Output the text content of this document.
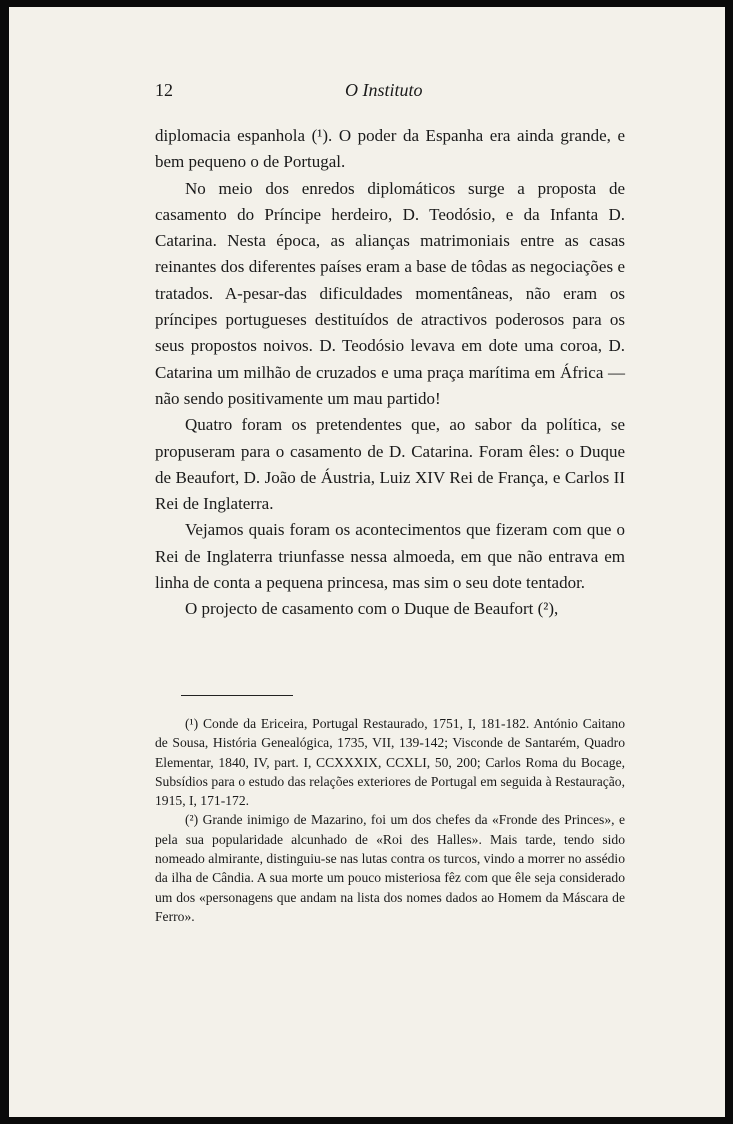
12	O Instituto

diplomacia espanhola (¹). O poder da Espanha era ainda grande, e bem pequeno o de Portugal.

No meio dos enredos diplomáticos surge a proposta de casamento do Príncipe herdeiro, D. Teodósio, e da Infanta D. Catarina. Nesta época, as alianças matrimoniais entre as casas reinantes dos diferentes países eram a base de tôdas as negociações e tratados. A-pesar-das dificuldades momentâneas, não eram os príncipes portugueses destituídos de atractivos poderosos para os seus propostos noivos. D. Teodósio levava em dote uma coroa, D. Catarina um milhão de cruzados e uma praça marítima em África — não sendo positivamente um mau partido!

Quatro foram os pretendentes que, ao sabor da política, se propuseram para o casamento de D. Catarina. Foram êles: o Duque de Beaufort, D. João de Áustria, Luiz XIV Rei de França, e Carlos II Rei de Inglaterra.

Vejamos quais foram os acontecimentos que fizeram com que o Rei de Inglaterra triunfasse nessa almoeda, em que não entrava em linha de conta a pequena princesa, mas sim o seu dote tentador.

O projecto de casamento com o Duque de Beaufort (²),

(¹) Conde da Ericeira, Portugal Restaurado, 1751, I, 181-182. António Caitano de Sousa, História Genealógica, 1735, VII, 139-142; Visconde de Santarém, Quadro Elementar, 1840, IV, part. I, CCXXXIX, CCXLI, 50, 200; Carlos Roma du Bocage, Subsídios para o estudo das relações exteriores de Portugal em seguida à Restauração, 1915, I, 171-172.

(²) Grande inimigo de Mazarino, foi um dos chefes da «Fronde des Princes», e pela sua popularidade alcunhado de «Roi des Halles». Mais tarde, tendo sido nomeado almirante, distinguiu-se nas lutas contra os turcos, vindo a morrer no assédio da ilha de Cândia. A sua morte um pouco misteriosa fêz com que êle seja considerado um dos «personagens que andam na lista dos nomes dados ao Homem da Máscara de Ferro».
